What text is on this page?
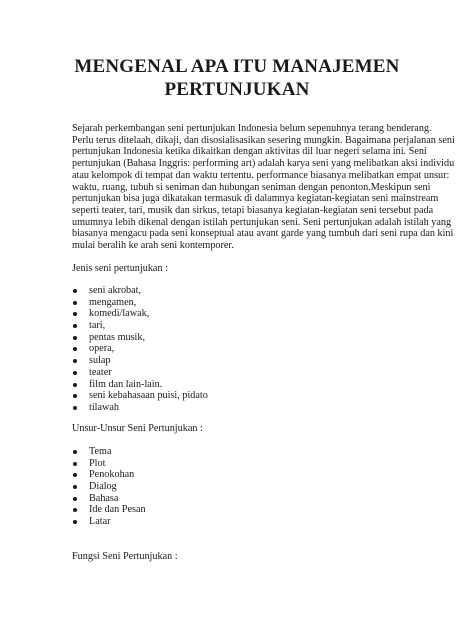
MENGENAL APA ITU MANAJEMEN
PERTUNJUKAN

Sejarah perkembangan seni pertunjukan Indonesia belum sepenuhnya terang benderang.
Perlu terus ditelaah, dikaji, dan disosialisasikan sesering mungkin. Bagaimana perjalanan seni
pertunjukan Indonesia ketika dikaitkan dengan aktivitas dil luar negeri selama ini. Seni
pertunjukan (Bahasa Inggris: performing art) adalah karya seni yang melibatkan aksi individu
atau kelompok di tempat dan waktu tertentu. performance biasanya melibatkan empat unsur:
waktu, ruang, tubuh si seniman dan hubungan seniman dengan penonton.Meskipun seni
pertunjukan bisa juga dikatakan termasuk di dalamnya kegiatan-kegiatan seni mainstream
seperti teater, tari, musik dan sirkus, tetapi biasanya kegiatan-kegiatan seni tersebut pada
umumnya lebih dikenal dengan istilah pertunjukan seni. Seni pertunjukan adalah istilah yang
biasanya mengacu pada seni konseptual atau avant garde yang tumbuh dari seni rupa dan kini
mulai beralih ke arah seni kontemporer.

Jenis seni pertunjukan :

seni akrobat,
mengamen,
komedi/lawak,
tari,
pentas musik,
opera,
sulap
teater
film dan lain-lain.
seni kebahasaan puisi, pidato
tilawah

Unsur-Unsur Seni Pertunjukan :

Tema
Plot
Penokohan
Dialog
Bahasa
Ide dan Pesan
Latar

Fungsi Seni Pertunjukan :
